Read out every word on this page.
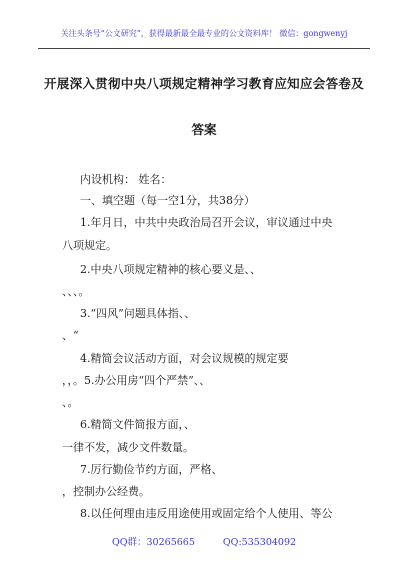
关注头条号“公文研究”，获得最新最全最专业的公文资料库！ 微信：gongwenyj
开展深入贯彻中央八项规定精神学习教育应知应会答卷及
答案
内设机构： 姓名：
一、填空题（每一空1分，共38分）
1.年月日，中共中央政治局召开会议，审议通过中央
八项规定。
2.中央八项规定精神的核心要义是、、
、、、。
3.“四风”问题具体指、、
、“
4.精简会议活动方面，对会议规模的规定要
，，。5.办公用房“四个严禁”、、
、。
6.精简文件简报方面，、
一律不发，减少文件数量。
7.厉行勤俭节约方面，严格、
，控制办公经费。
8.以任何理由违反用途使用或固定给个人使用、等公
QQ群：30265665	QQ:535304092
